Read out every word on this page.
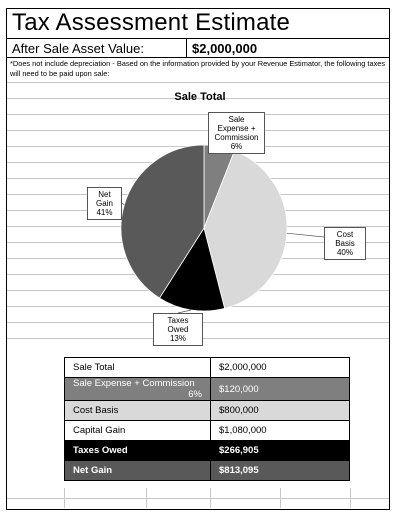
Tax Assessment Estimate
After Sale Asset Value:	$2,000,000
*Does not include depreciation - Based on the information provided by your Revenue Estimator, the following taxes will need to be paid upon sale:
Sale Total
Sale Expense +
Commission
6%
Cost Basis
40%
Taxes Owed
13%
Net Gain
41%
Sale Total	$2,000,000
Sale Expense + Commission
6%	$120,000
Cost Basis	$800,000
Capital Gain	$1,080,000
Taxes Owed	$266,905
Net Gain	$813,095
